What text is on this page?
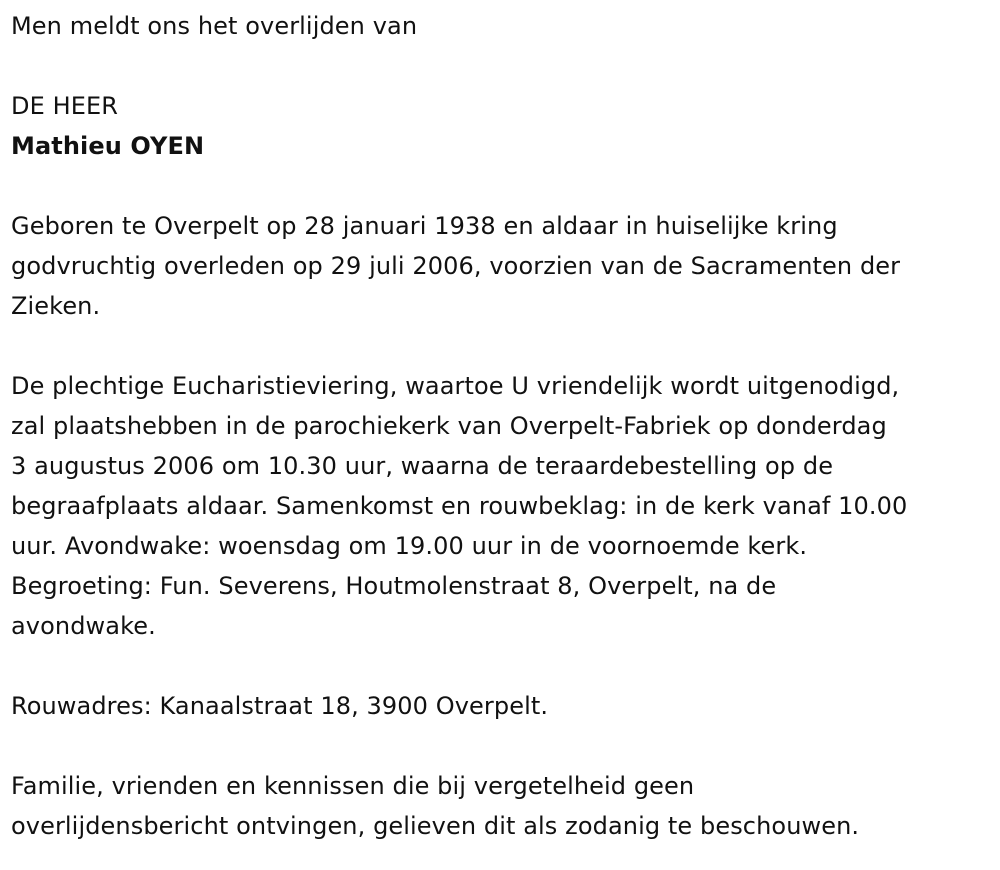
Men meldt ons het overlijden van
DE HEER
Mathieu OYEN
Geboren te Overpelt op 28 januari 1938 en aldaar in huiselijke kring
godvruchtig overleden op 29 juli 2006, voorzien van de Sacramenten der
Zieken.
De plechtige Eucharistieviering, waartoe U vriendelijk wordt uitgenodigd,
zal plaatshebben in de parochiekerk van Overpelt-Fabriek op donderdag
3 augustus 2006 om 10.30 uur, waarna de teraardebestelling op de
begraafplaats aldaar. Samenkomst en rouwbeklag: in de kerk vanaf 10.00
uur. Avondwake: woensdag om 19.00 uur in de voornoemde kerk.
Begroeting: Fun. Severens, Houtmolenstraat 8, Overpelt, na de
avondwake.
Rouwadres: Kanaalstraat 18, 3900 Overpelt.
Familie, vrienden en kennissen die bij vergetelheid geen
overlijdensbericht ontvingen, gelieven dit als zodanig te beschouwen.
